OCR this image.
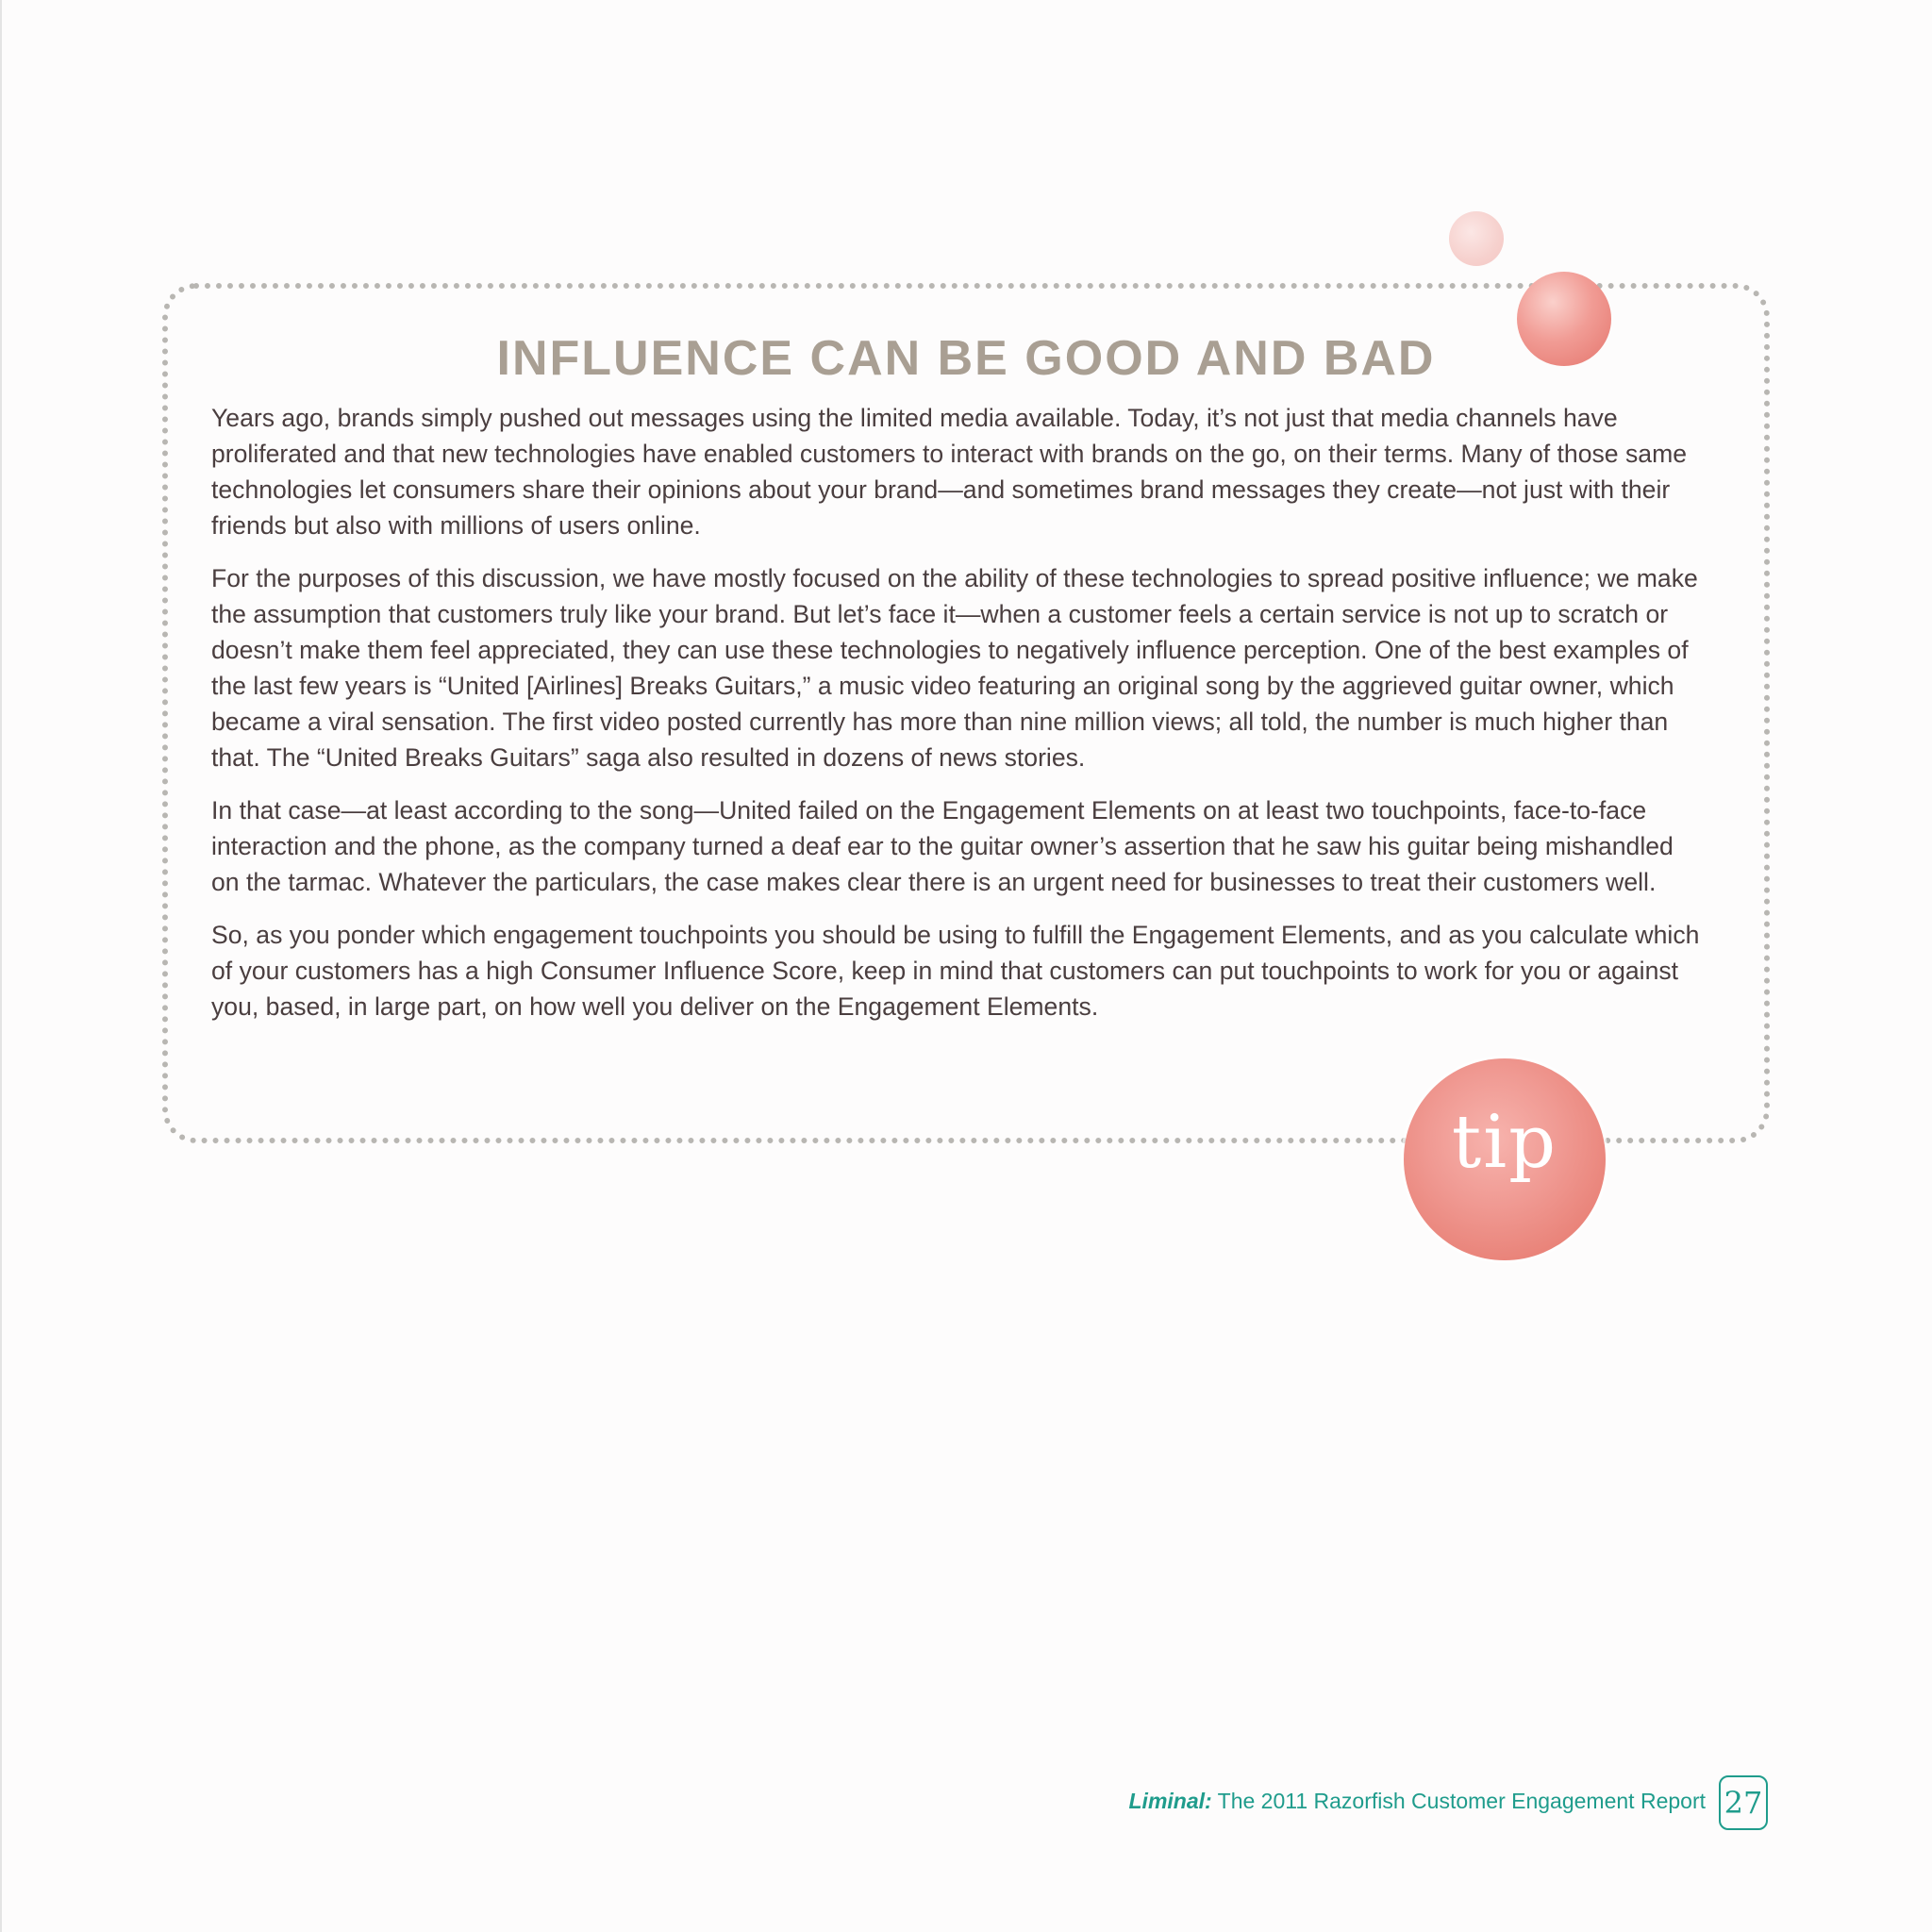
INFLUENCE CAN BE GOOD AND BAD

Years ago, brands simply pushed out messages using the limited media available. Today, it’s not just that media channels have proliferated and that new technologies have enabled customers to interact with brands on the go, on their terms. Many of those same technologies let consumers share their opinions about your brand—and sometimes brand messages they create—not just with their friends but also with millions of users online.

For the purposes of this discussion, we have mostly focused on the ability of these technologies to spread positive influence; we make the assumption that customers truly like your brand. But let’s face it—when a customer feels a certain service is not up to scratch or doesn’t make them feel appreciated, they can use these technologies to negatively influence perception. One of the best examples of the last few years is “United [Airlines] Breaks Guitars,” a music video featuring an original song by the aggrieved guitar owner, which became a viral sensation. The first video posted currently has more than nine million views; all told, the number is much higher than that. The “United Breaks Guitars” saga also resulted in dozens of news stories.

In that case—at least according to the song—United failed on the Engagement Elements on at least two touchpoints, face-to-face interaction and the phone, as the company turned a deaf ear to the guitar owner’s assertion that he saw his guitar being mishandled on the tarmac. Whatever the particulars, the case makes clear there is an urgent need for businesses to treat their customers well.

So, as you ponder which engagement touchpoints you should be using to fulfill the Engagement Elements, and as you calculate which of your customers has a high Consumer Influence Score, keep in mind that customers can put touchpoints to work for you or against you, based, in large part, on how well you deliver on the Engagement Elements.

tip
Liminal: The 2011 Razorfish Customer Engagement Report 27
